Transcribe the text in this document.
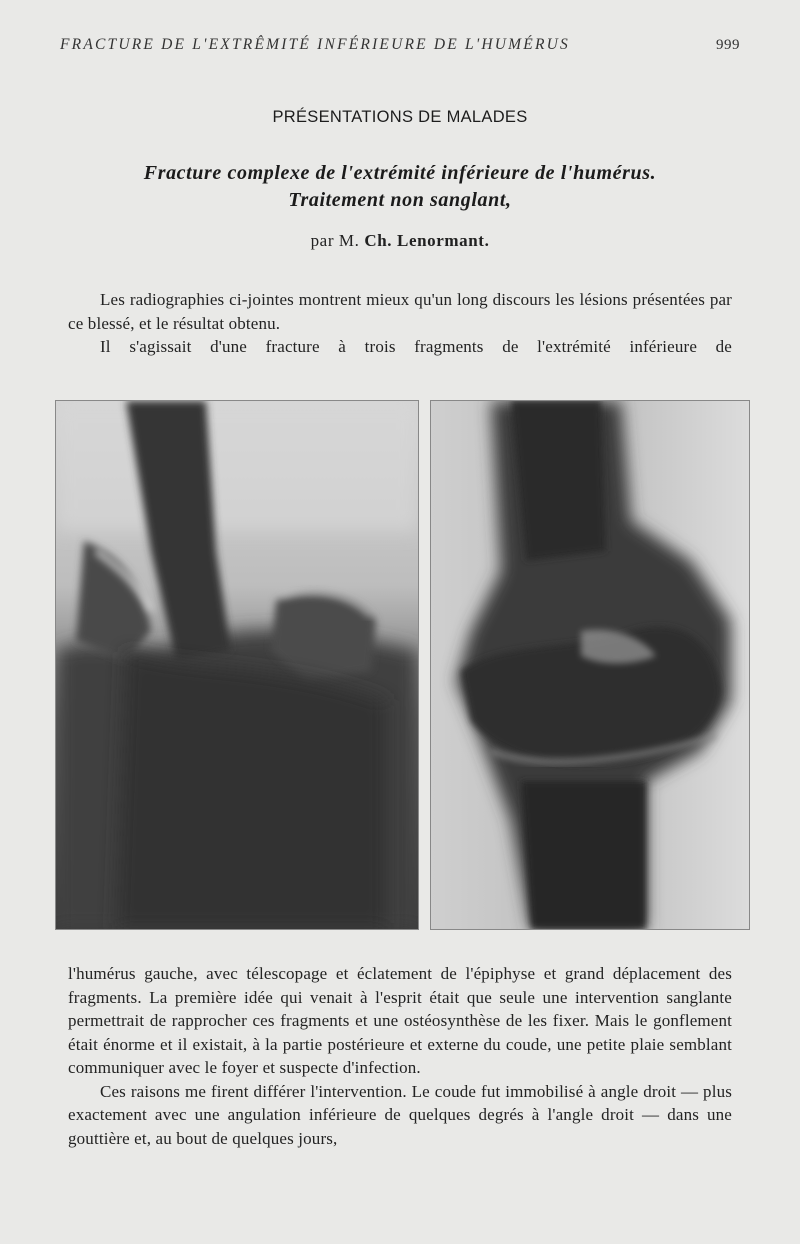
FRACTURE DE L'EXTRÊMITÉ INFÉRIEURE DE L'HUMÉRUS	999
PRÉSENTATIONS DE MALADES
Fracture complexe de l'extrémité inférieure de l'humérus.
Traitement non sanglant,
par M. Ch. Lenormant.

Les radiographies ci-jointes montrent mieux qu'un long discours les lésions présentées par ce blessé, et le résultat obtenu.

Il s'agissait d'une fracture à trois fragments de l'extrémité inférieure de

l'humérus gauche, avec télescopage et éclatement de l'épiphyse et grand déplacement des fragments. La première idée qui venait à l'esprit était que seule une intervention sanglante permettrait de rapprocher ces fragments et une ostéosynthèse de les fixer. Mais le gonflement était énorme et il existait, à la partie postérieure et externe du coude, une petite plaie semblant communiquer avec le foyer et suspecte d'infection.

Ces raisons me firent différer l'intervention. Le coude fut immobilisé à angle droit — plus exactement avec une angulation inférieure de quelques degrés à l'angle droit — dans une gouttière et, au bout de quelques jours,
